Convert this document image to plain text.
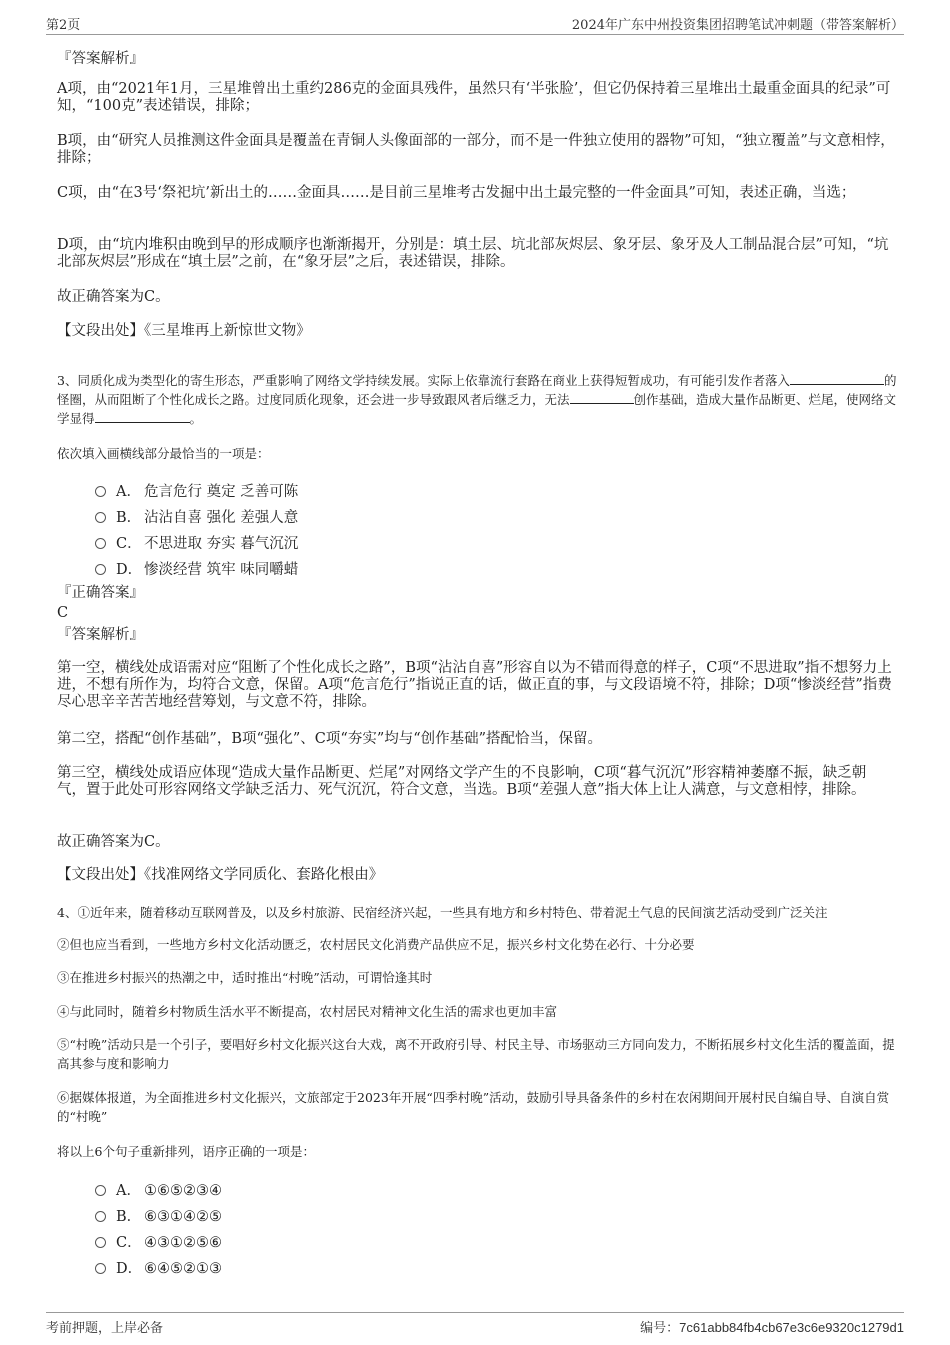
第2页	2024年广东中州投资集团招聘笔试冲刺题（带答案解析）
『答案解析』
A项，由“2021年1月，三星堆曾出土重约286克的金面具残件，虽然只有‘半张脸’，但它仍保持着三星堆出土最重金面具的纪录”可知，“100克”表述错误，排除；
B项，由“研究人员推测这件金面具是覆盖在青铜人头像面部的一部分，而不是一件独立使用的器物”可知，“独立覆盖”与文意相悖，排除；
C项，由“在3号‘祭祀坑’新出土的……金面具……是目前三星堆考古发掘中出土最完整的一件金面具”可知，表述正确，当选；
D项，由“坑内堆积由晚到早的形成顺序也渐渐揭开，分别是：填土层、坑北部灰烬层、象牙层、象牙及人工制品混合层”可知，“坑北部灰烬层”形成在“填土层”之前，在“象牙层”之后，表述错误，排除。
故正确答案为C。
【文段出处】《三星堆再上新惊世文物》
3、同质化成为类型化的寄生形态，严重影响了网络文学持续发展。实际上依靠流行套路在商业上获得短暂成功，有可能引发作者落入	的怪圈，从而阻断了个性化成长之路。过度同质化现象，还会进一步导致跟风者后继乏力，无法	创作基础，造成大量作品断更、烂尾，使网络文学显得	。
依次填入画横线部分最恰当的一项是：
A． 危言危行 奠定 乏善可陈
B． 沾沾自喜 强化 差强人意
C． 不思进取 夯实 暮气沉沉
D． 惨淡经营 筑牢 味同嚼蜡
『正确答案』
C
『答案解析』
第一空，横线处成语需对应“阻断了个性化成长之路”，B项“沾沾自喜”形容自以为不错而得意的样子，C项“不思进取”指不想努力上进，不想有所作为，均符合文意，保留。A项“危言危行”指说正直的话，做正直的事，与文段语境不符，排除；D项“惨淡经营”指费尽心思辛辛苦苦地经营筹划，与文意不符，排除。
第二空，搭配“创作基础”，B项“强化”、C项“夯实”均与“创作基础”搭配恰当，保留。
第三空，横线处成语应体现“造成大量作品断更、烂尾”对网络文学产生的不良影响，C项“暮气沉沉”形容精神萎靡不振，缺乏朝气，置于此处可形容网络文学缺乏活力、死气沉沉，符合文意，当选。B项“差强人意”指大体上让人满意，与文意相悖，排除。
故正确答案为C。
【文段出处】《找准网络文学同质化、套路化根由》
4、①近年来，随着移动互联网普及，以及乡村旅游、民宿经济兴起，一些具有地方和乡村特色、带着泥土气息的民间演艺活动受到广泛关注
②但也应当看到，一些地方乡村文化活动匮乏，农村居民文化消费产品供应不足，振兴乡村文化势在必行、十分必要
③在推进乡村振兴的热潮之中，适时推出“村晚”活动，可谓恰逢其时
④与此同时，随着乡村物质生活水平不断提高，农村居民对精神文化生活的需求也更加丰富
⑤“村晚”活动只是一个引子，要唱好乡村文化振兴这台大戏，离不开政府引导、村民主导、市场驱动三方同向发力，不断拓展乡村文化生活的覆盖面，提高其参与度和影响力
⑥据媒体报道，为全面推进乡村文化振兴，文旅部定于2023年开展“四季村晚”活动，鼓励引导具备条件的乡村在农闲期间开展村民自编自导、自演自赏的“村晚”
将以上6个句子重新排列，语序正确的一项是：
A． ①⑥⑤②③④
B． ⑥③①④②⑤
C． ④③①②⑤⑥
D． ⑥④⑤②①③
考前押题，上岸必备	编号：7c61abb84fb4cb67e3c6e9320c1279d1
